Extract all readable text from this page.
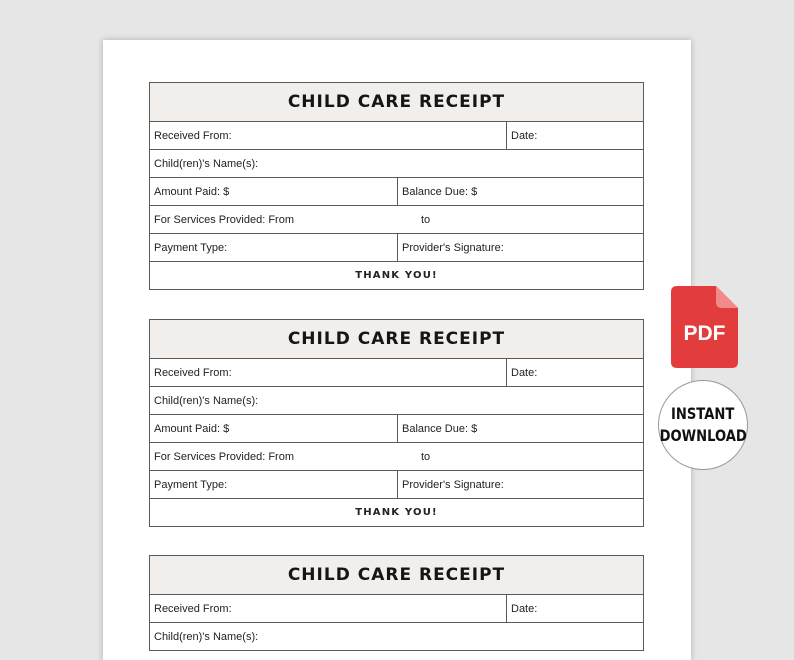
CHILD CARE RECEIPT
Received From:	Date:
Child(ren)'s Name(s):
Amount Paid: $	Balance Due: $
For Services Provided: From	to
Payment Type:	Provider's Signature:
THANK YOU!
CHILD CARE RECEIPT
Received From:	Date:
Child(ren)'s Name(s):
Amount Paid: $	Balance Due: $
For Services Provided: From	to
Payment Type:	Provider's Signature:
THANK YOU!
CHILD CARE RECEIPT
Received From:	Date:
Child(ren)'s Name(s):
PDF
INSTANT
DOWNLOAD
